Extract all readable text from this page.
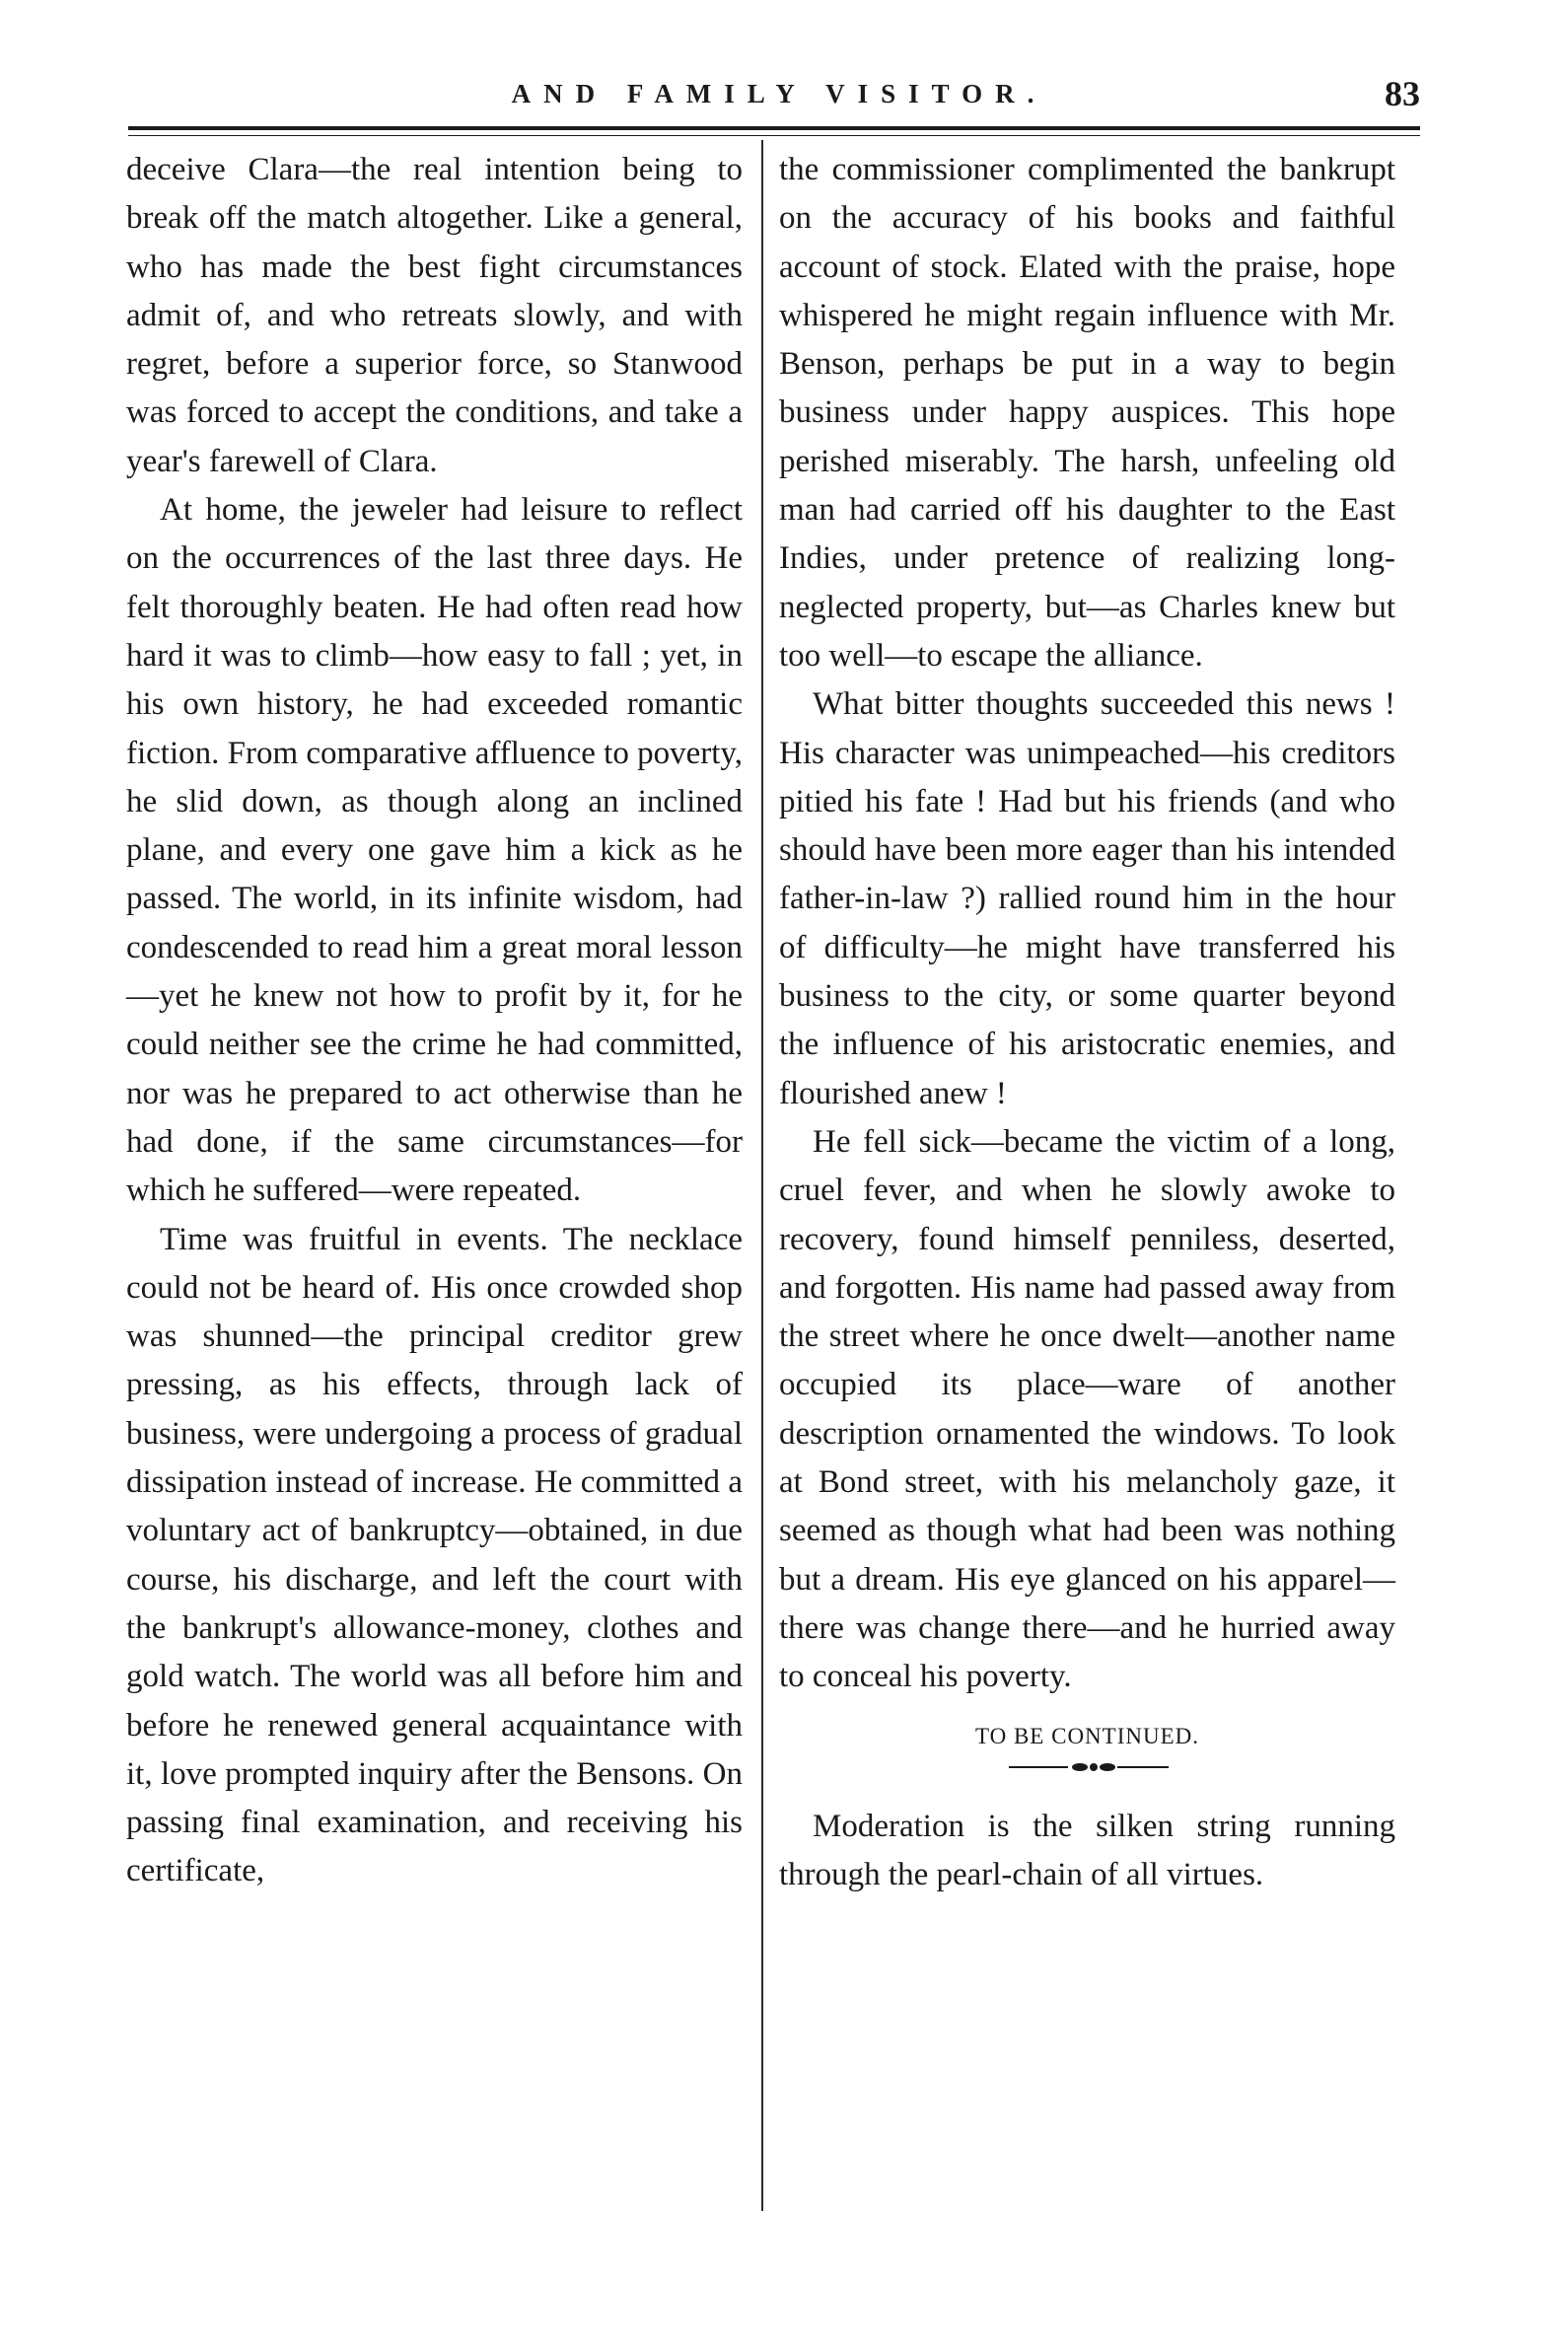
AND FAMILY VISITOR.	83

deceive Clara—the real intention being to break off the match altogether. Like a general, who has made the best fight circumstances admit of, and who retreats slowly, and with regret, before a superior force, so Stanwood was forced to accept the conditions, and take a year's farewell of Clara.

At home, the jeweler had leisure to reflect on the occurrences of the last three days. He felt thoroughly beaten. He had often read how hard it was to climb—how easy to fall ; yet, in his own history, he had exceeded romantic fiction. From comparative affluence to poverty, he slid down, as though along an inclined plane, and every one gave him a kick as he passed. The world, in its infinite wisdom, had condescended to read him a great moral lesson—yet he knew not how to profit by it, for he could neither see the crime he had committed, nor was he prepared to act otherwise than he had done, if the same circumstances—for which he suffered—were repeated.

Time was fruitful in events. The necklace could not be heard of. His once crowded shop was shunned—the principal creditor grew pressing, as his effects, through lack of business, were undergoing a process of gradual dissipation instead of increase. He committed a voluntary act of bankruptcy—obtained, in due course, his discharge, and left the court with the bankrupt's allowance-money, clothes and gold watch. The world was all before him and before he renewed general acquaintance with it, love prompted inquiry after the Bensons. On passing final examination, and receiving his certificate,

the commissioner complimented the bankrupt on the accuracy of his books and faithful account of stock. Elated with the praise, hope whispered he might regain influence with Mr. Benson, perhaps be put in a way to begin business under happy auspices. This hope perished miserably. The harsh, unfeeling old man had carried off his daughter to the East Indies, under pretence of realizing long-neglected property, but—as Charles knew but too well—to escape the alliance.

What bitter thoughts succeeded this news ! His character was unimpeached—his creditors pitied his fate ! Had but his friends (and who should have been more eager than his intended father-in-law ?) rallied round him in the hour of difficulty—he might have transferred his business to the city, or some quarter beyond the influence of his aristocratic enemies, and flourished anew !

He fell sick—became the victim of a long, cruel fever, and when he slowly awoke to recovery, found himself penniless, deserted, and forgotten. His name had passed away from the street where he once dwelt—another name occupied its place—ware of another description ornamented the windows. To look at Bond street, with his melancholy gaze, it seemed as though what had been was nothing but a dream. His eye glanced on his apparel—there was change there—and he hurried away to conceal his poverty.

TO BE CONTINUED.

Moderation is the silken string running through the pearl-chain of all virtues.
